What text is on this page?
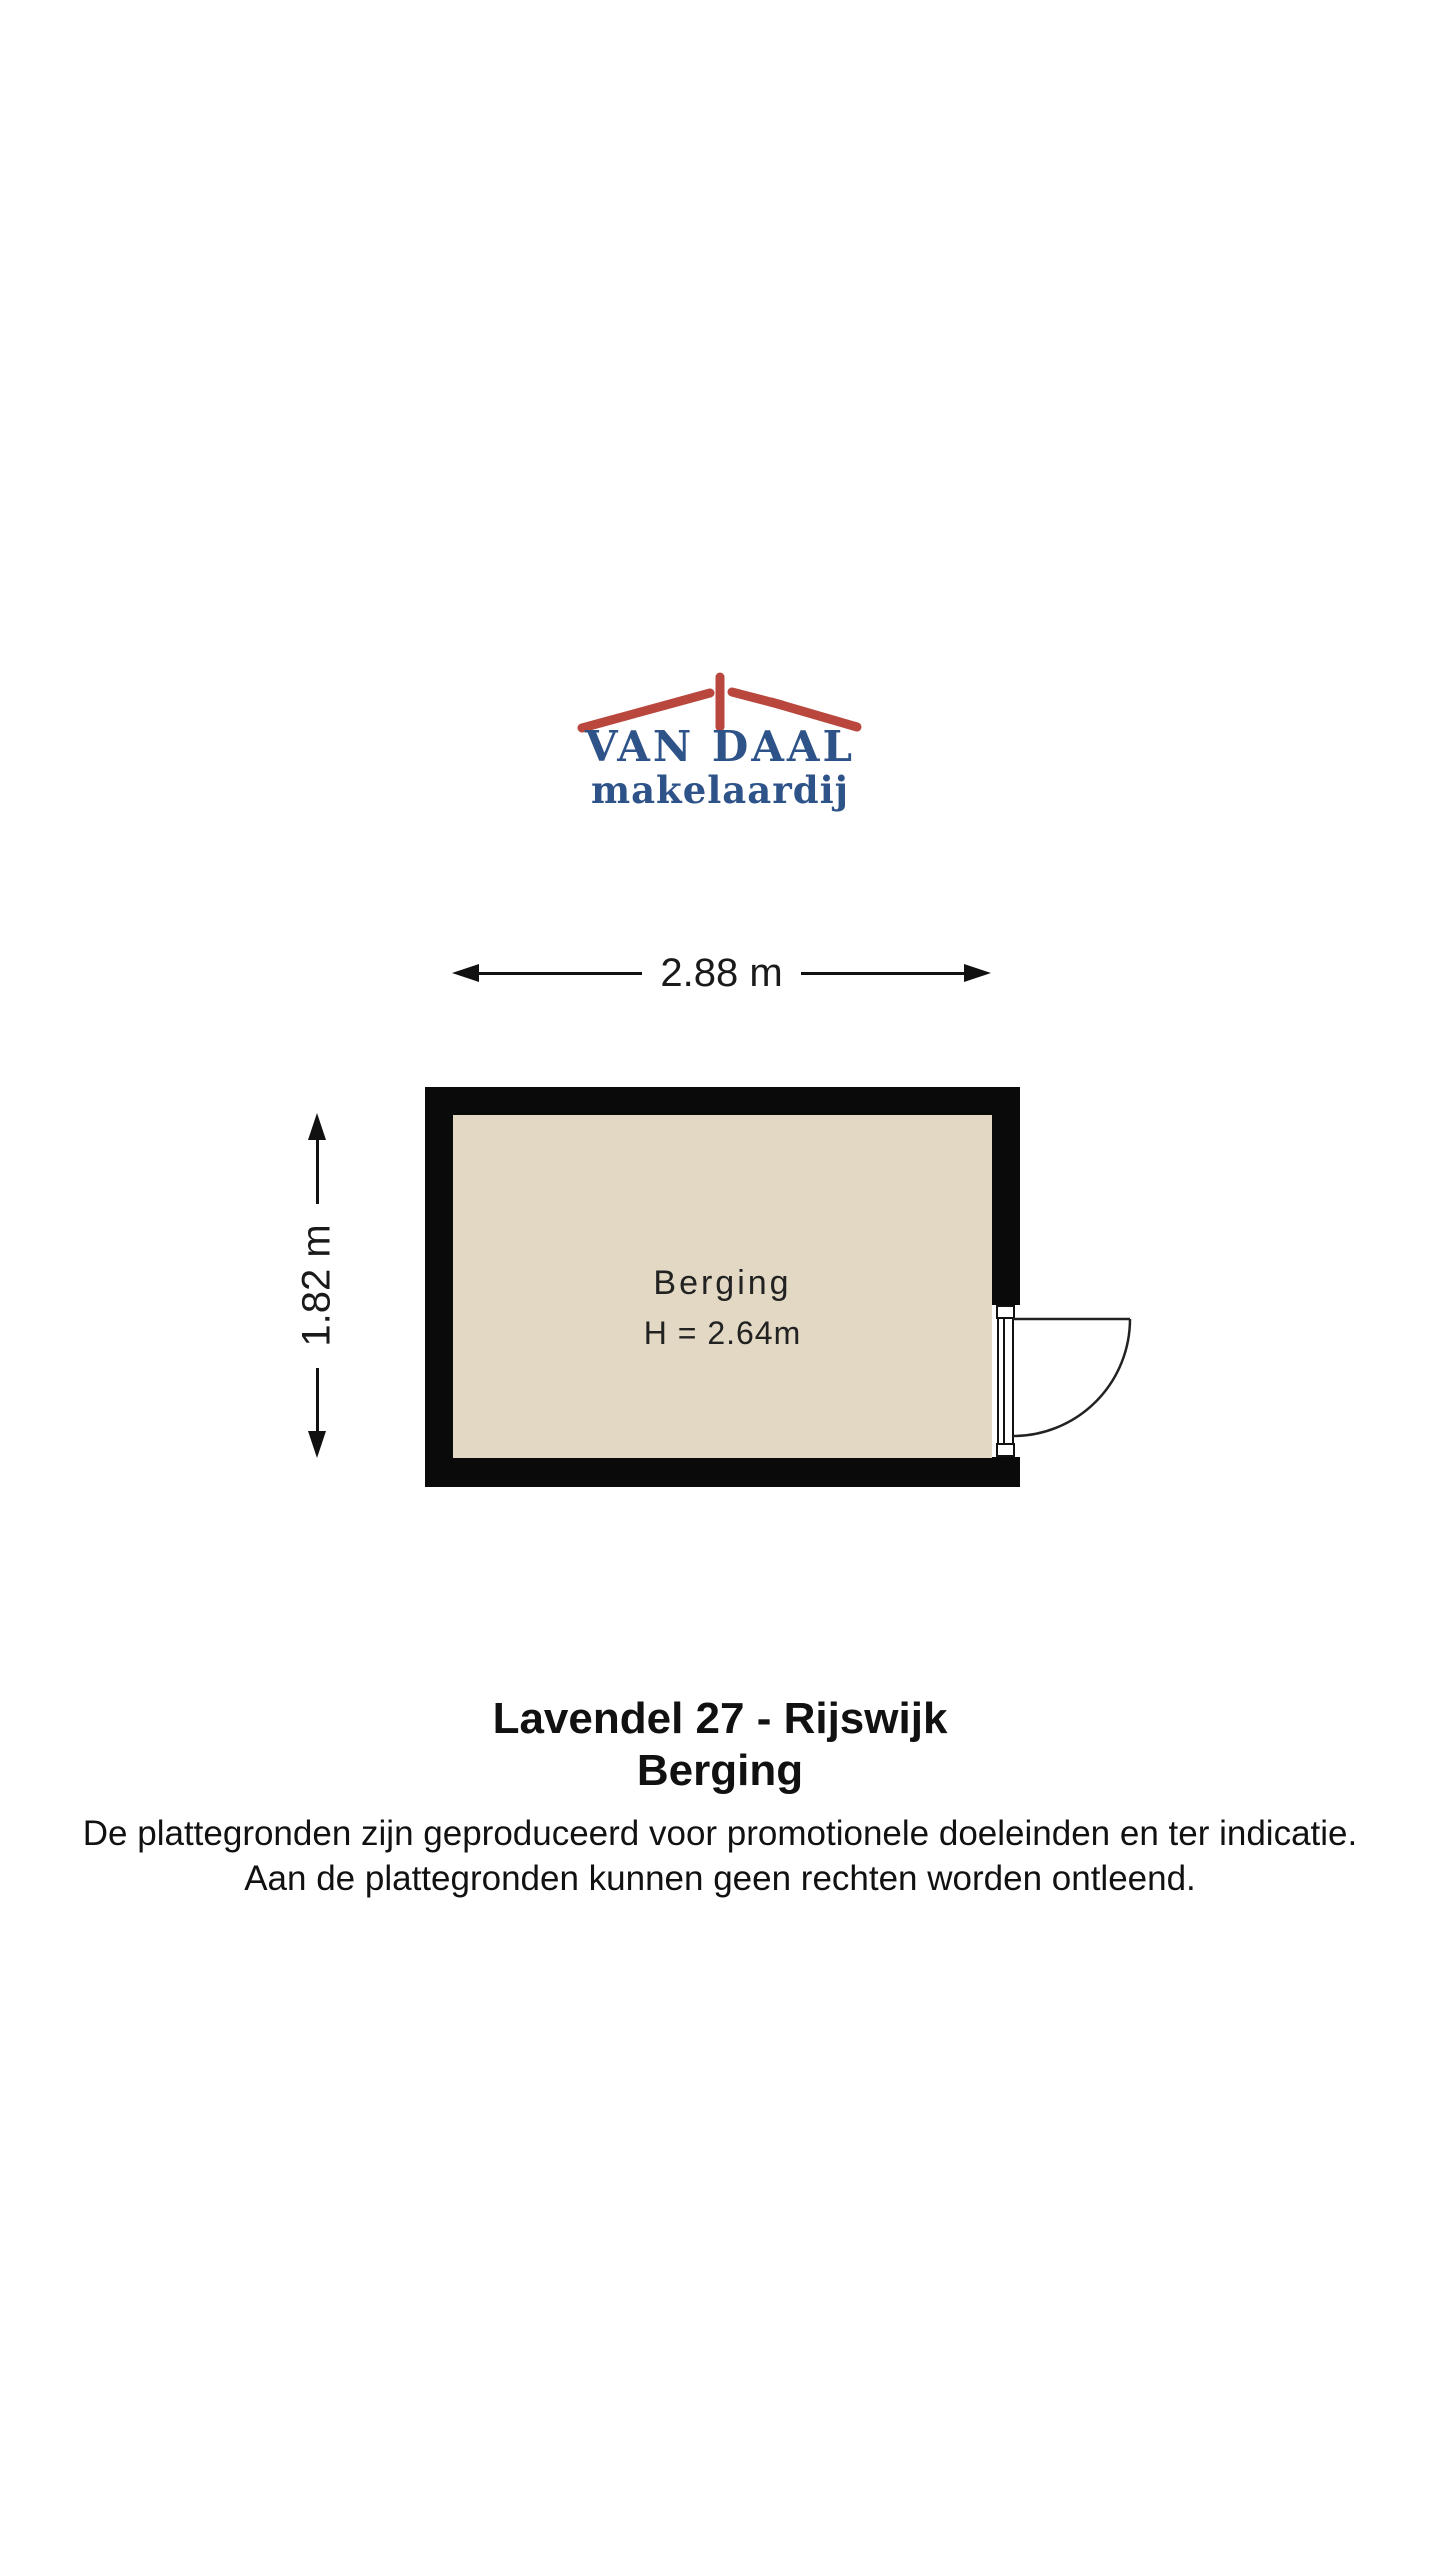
VAN DAAL
makelaardij
2.88 m
1.82 m	Berging
H = 2.64m
Lavendel 27 - Rijswijk
Berging
De plattegronden zijn geproduceerd voor promotionele doeleinden en ter indicatie.
Aan de plattegronden kunnen geen rechten worden ontleend.
